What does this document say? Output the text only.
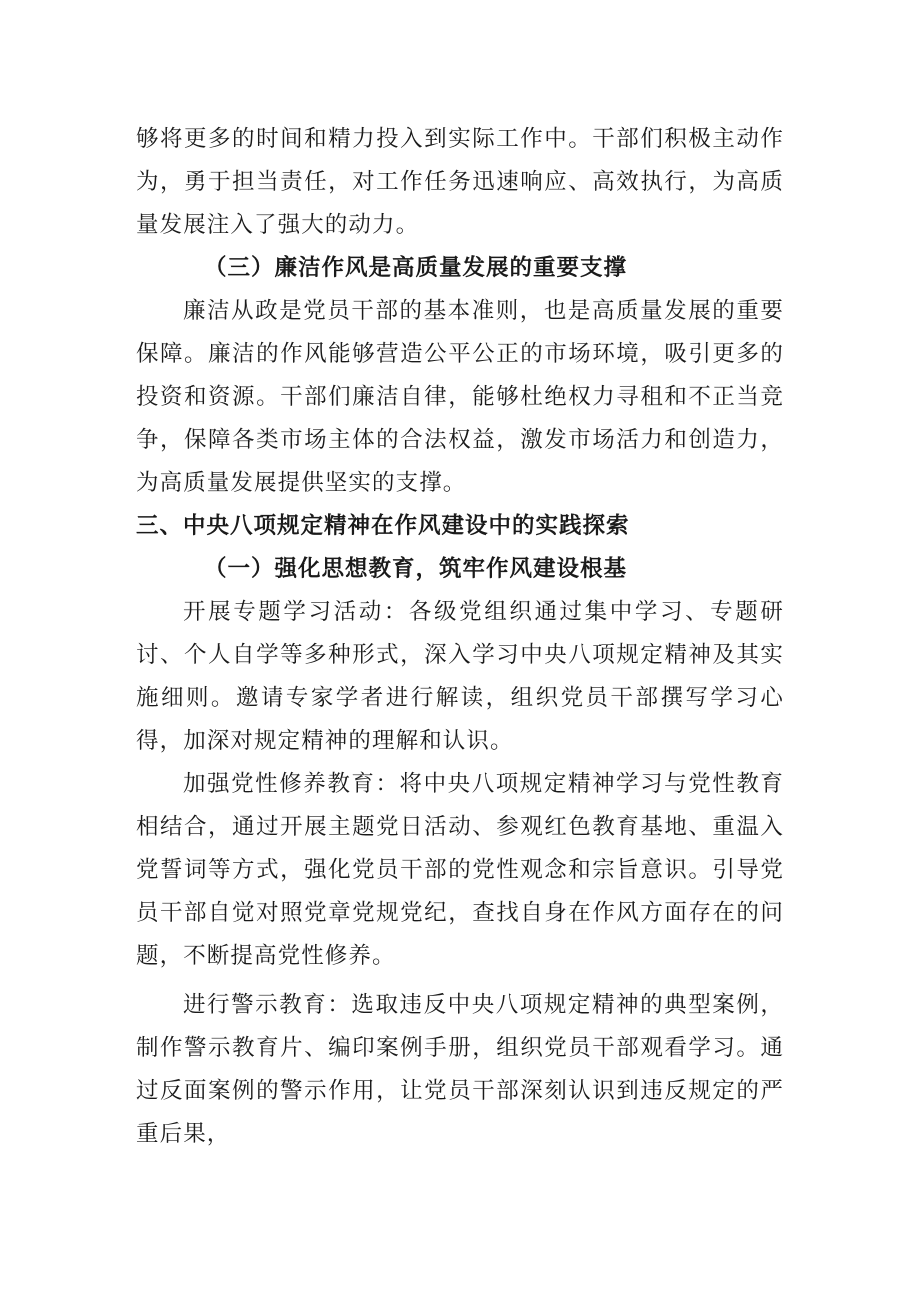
够将更多的时间和精力投入到实际工作中。干部们积极主动作为，勇于担当责任，对工作任务迅速响应、高效执行，为高质量发展注入了强大的动力。

（三）廉洁作风是高质量发展的重要支撑

廉洁从政是党员干部的基本准则，也是高质量发展的重要保障。廉洁的作风能够营造公平公正的市场环境，吸引更多的投资和资源。干部们廉洁自律，能够杜绝权力寻租和不正当竞争，保障各类市场主体的合法权益，激发市场活力和创造力，为高质量发展提供坚实的支撑。

三、中央八项规定精神在作风建设中的实践探索

（一）强化思想教育，筑牢作风建设根基

开展专题学习活动：各级党组织通过集中学习、专题研讨、个人自学等多种形式，深入学习中央八项规定精神及其实施细则。邀请专家学者进行解读，组织党员干部撰写学习心得，加深对规定精神的理解和认识。

加强党性修养教育：将中央八项规定精神学习与党性教育相结合，通过开展主题党日活动、参观红色教育基地、重温入党誓词等方式，强化党员干部的党性观念和宗旨意识。引导党员干部自觉对照党章党规党纪，查找自身在作风方面存在的问题，不断提高党性修养。

进行警示教育：选取违反中央八项规定精神的典型案例，制作警示教育片、编印案例手册，组织党员干部观看学习。通过反面案例的警示作用，让党员干部深刻认识到违反规定的严重后果，
